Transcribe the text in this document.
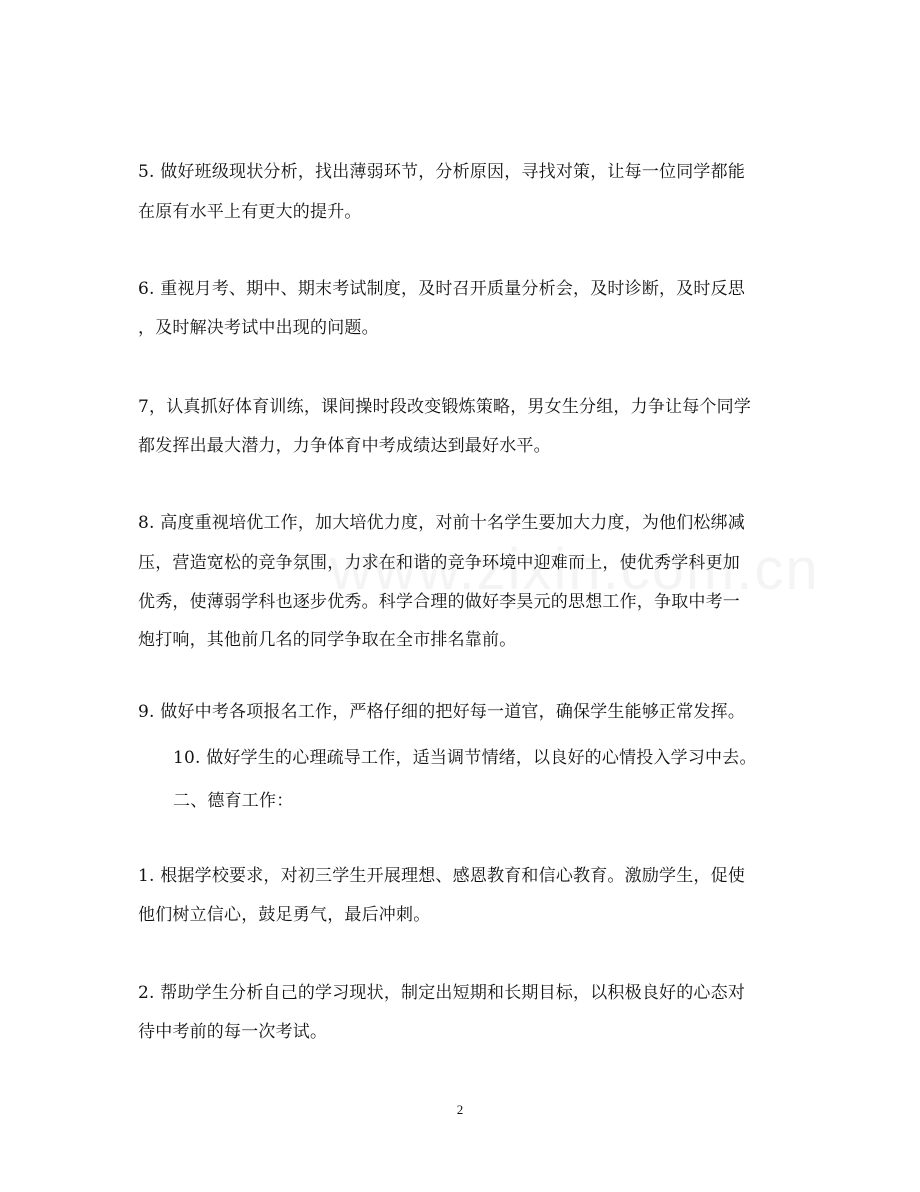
5. 做好班级现状分析，找出薄弱环节，分析原因，寻找对策，让每一位同学都能
在原有水平上有更大的提升。
6. 重视月考、期中、期末考试制度，及时召开质量分析会，及时诊断，及时反思
，及时解决考试中出现的问题。
7，认真抓好体育训练，课间操时段改变锻炼策略，男女生分组，力争让每个同学
都发挥出最大潜力，力争体育中考成绩达到最好水平。
8. 高度重视培优工作，加大培优力度，对前十名学生要加大力度，为他们松绑减
压，营造宽松的竞争氛围，力求在和谐的竞争环境中迎难而上，使优秀学科更加
优秀，使薄弱学科也逐步优秀。科学合理的做好李昊元的思想工作，争取中考一
炮打响，其他前几名的同学争取在全市排名靠前。
9. 做好中考各项报名工作，严格仔细的把好每一道官，确保学生能够正常发挥。
10. 做好学生的心理疏导工作，适当调节情绪，以良好的心情投入学习中去。
二、德育工作：
1. 根据学校要求，对初三学生开展理想、感恩教育和信心教育。激励学生，促使
他们树立信心，鼓足勇气，最后冲刺。
2. 帮助学生分析自己的学习现状，制定出短期和长期目标，以积极良好的心态对
待中考前的每一次考试。
2
